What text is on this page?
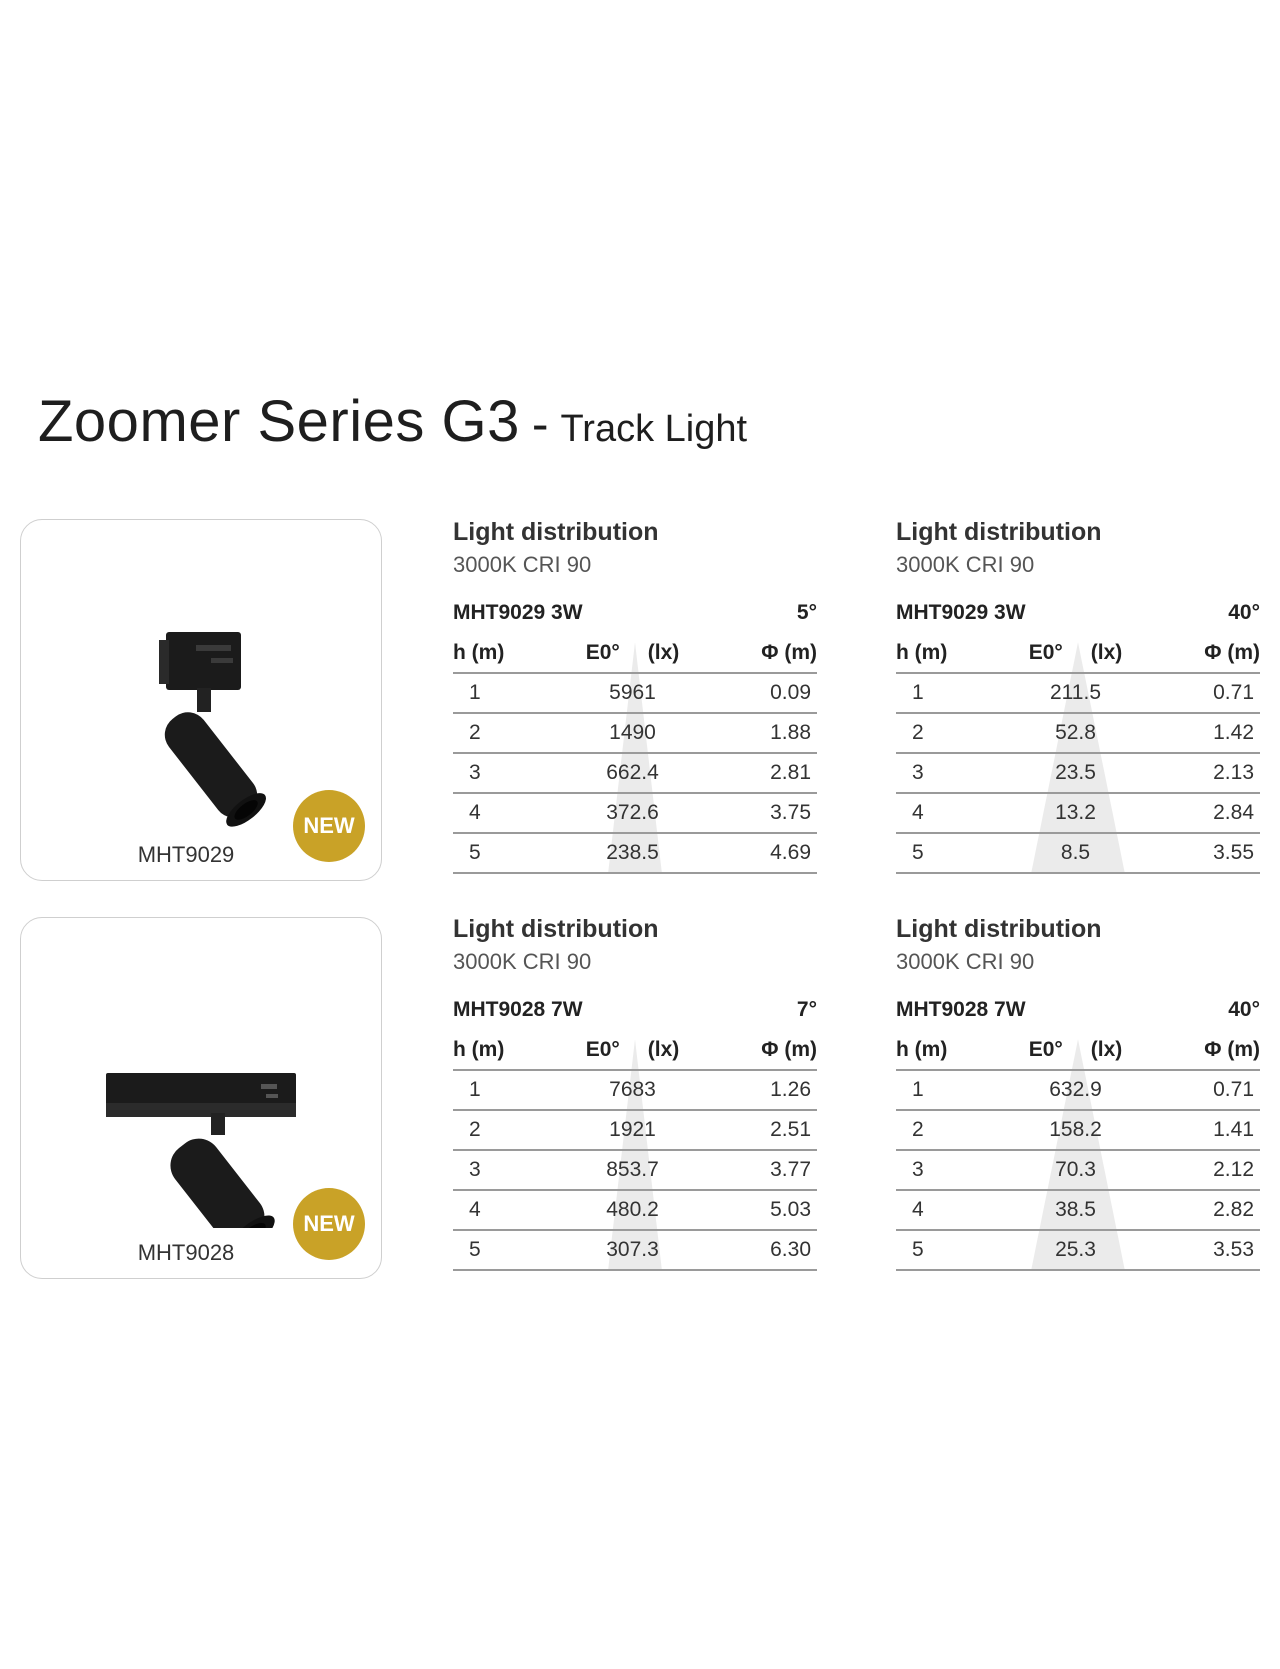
Zoomer Series G3 - Track Light
MHT9029
NEW
MHT9028
NEW
Light distribution
3000K CRI 90
MHT9029 3W	5°
h (m)	E0° (lx)	Φ (m)
1	5961	0.09
2	1490	1.88
3	662.4	2.81
4	372.6	3.75
5	238.5	4.69
Light distribution
3000K CRI 90
MHT9029 3W	40°
h (m)	E0° (lx)	Φ (m)
1	211.5	0.71
2	52.8	1.42
3	23.5	2.13
4	13.2	2.84
5	8.5	3.55
Light distribution
3000K CRI 90
MHT9028 7W	7°
h (m)	E0° (lx)	Φ (m)
1	7683	1.26
2	1921	2.51
3	853.7	3.77
4	480.2	5.03
5	307.3	6.30
Light distribution
3000K CRI 90
MHT9028 7W	40°
h (m)	E0° (lx)	Φ (m)
1	632.9	0.71
2	158.2	1.41
3	70.3	2.12
4	38.5	2.82
5	25.3	3.53
